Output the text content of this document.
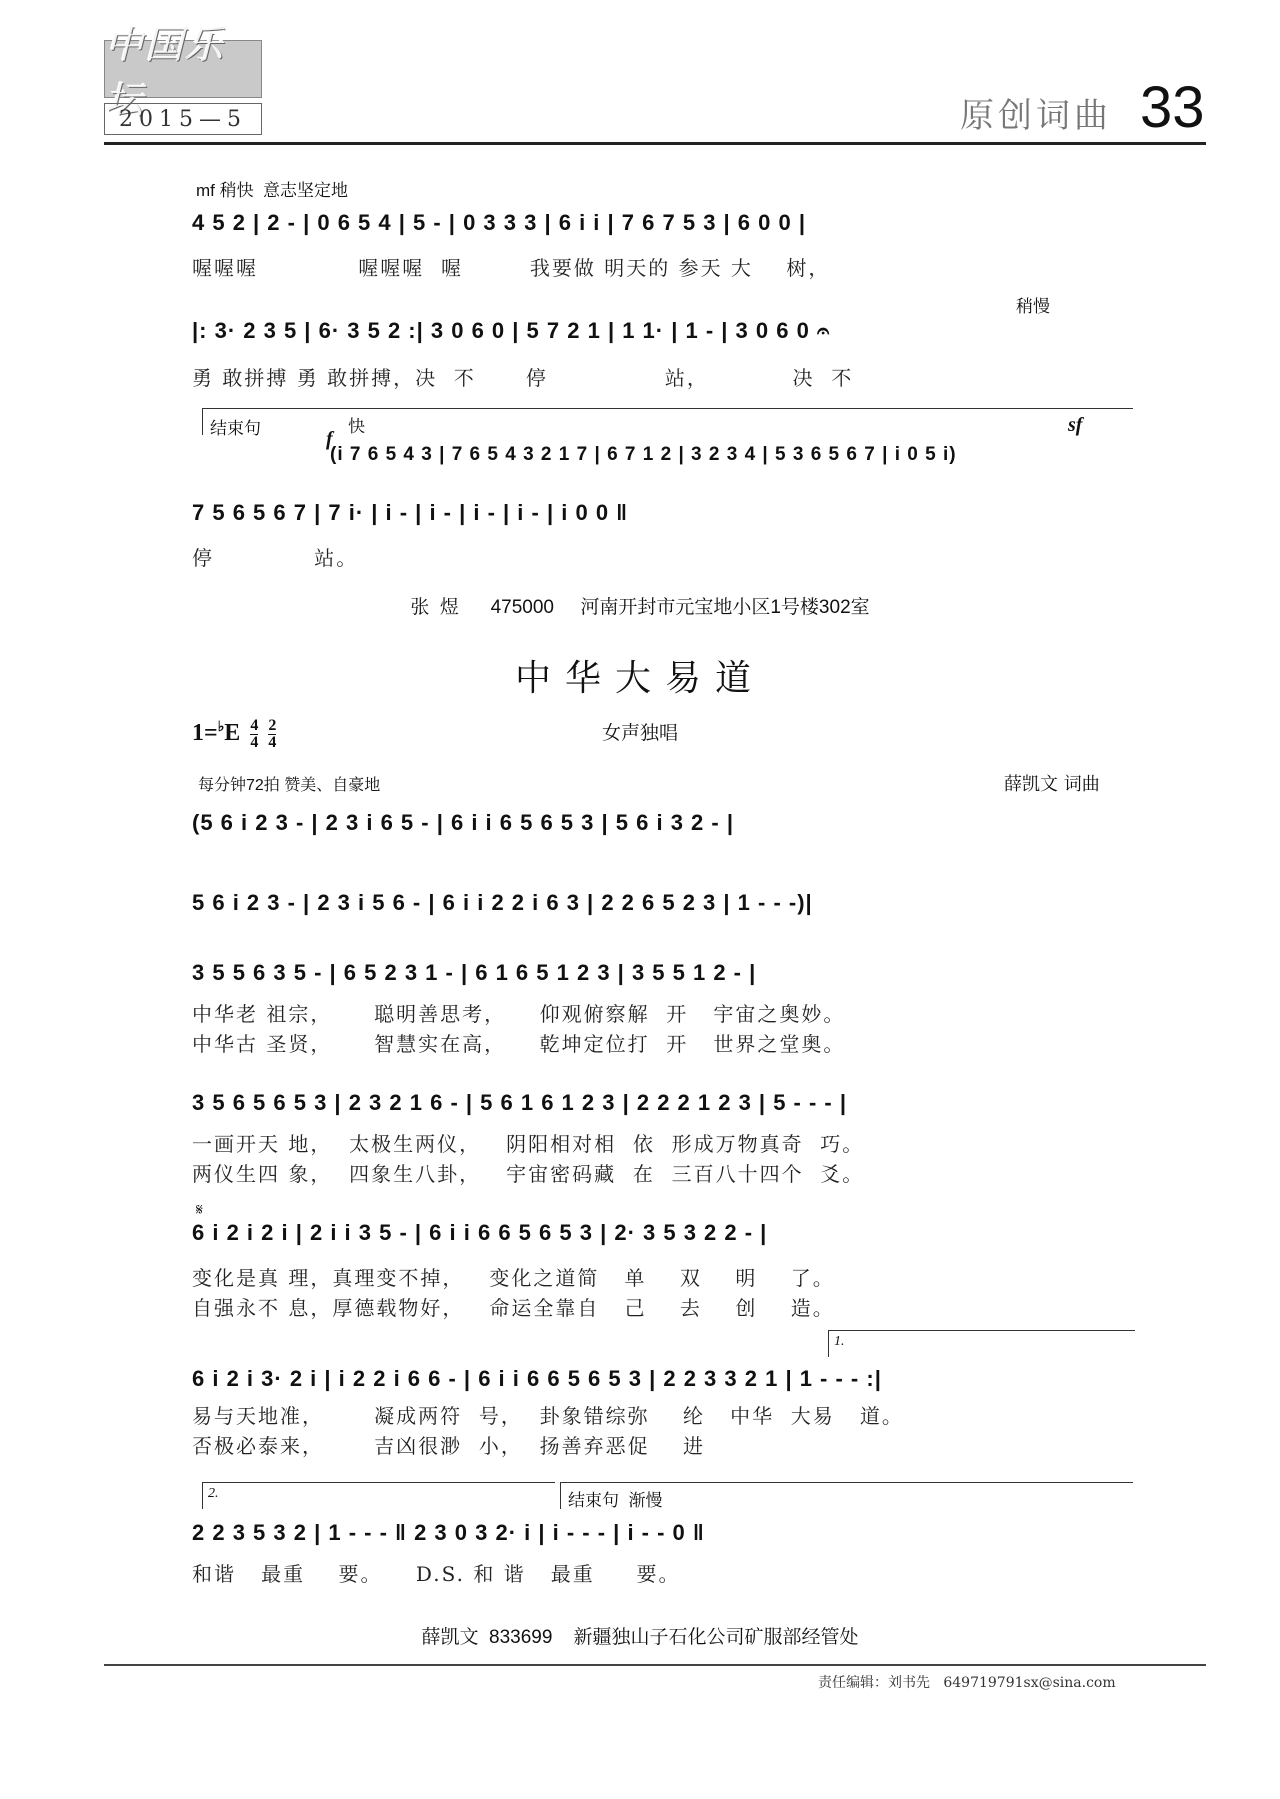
中国乐坛
2015—5	原创词曲 33
mf 稍快  意志坚定地
4 5 2 | 2 - | 0 6 5 4 | 5 - | 0 3 3 3 | 6 i i | 7 6 7 5 3 | 6 0 0 |
喔喔喔            喔喔喔  喔        我要做 明天的 参天 大    树，
稍慢
|: 3· 2 3 5 | 6· 3 5 2 :| 3 0 6 0 | 5 7 2 1 | 1 1· | 1 - | 3 0 6 0 𝄐
勇 敢拼搏 勇 敢拼搏，决  不      停              站，          决  不
结束句	快
f
sf
(i 7 6 5 4 3 | 7 6 5 4 3 2 1 7 | 6 7 1 2 | 3 2 3 4 | 5 3 6 5 6 7 | i 0 5 i)
7 5 6 5 6 7 | 7 i· | i - | i - | i - | i - | i 0 0 ‖
停            站。
张  煜      475000     河南开封市元宝地小区1号楼302室
中华大易道
$1=^♭E \frac{4}{4}$
$\frac{2}{4}$	女声独唱
每分钟72拍 赞美、自豪地	薛凯文 词曲
(5 6 i 2 3 - | 2 3 i 6 5 - | 6 i i 6 5 6 5 3 | 5 6 i 3 2 - |
5 6 i 2 3 - | 2 3 i 5 6 - | 6 i i 2 2 i 6 3 | 2 2 6 5 2 3 | 1 - - -)|
3 5 5 6 3 5 - | 6 5 2 3 1 - | 6 1 6 5 1 2 3 | 3 5 5 1 2 - |
中华老 祖宗，     聪明善思考，    仰观俯察解  开   宇宙之奥妙。
中华古 圣贤，     智慧实在高，    乾坤定位打  开   世界之堂奥。
3 5 6 5 6 5 3 | 2 3 2 1 6 - | 5 6 1 6 1 2 3 | 2 2 2 1 2 3 | 5 - - - |
一画开天 地，  太极生两仪，   阴阳相对相  依  形成万物真奇  巧。
两仪生四 象，  四象生八卦，   宇宙密码藏  在  三百八十四个  爻。
𝄋
6 i 2 i 2 i | 2 i i 3 5 - | 6 i i 6 6 5 6 5 3 | 2· 3 5 3 2 2 - |
变化是真 理，真理变不掉，   变化之道简   单    双    明    了。
自强永不 息，厚德载物好，   命运全靠自   己    去    创    造。
1.
6 i 2 i 3· 2 i | i 2 2 i 6 6 - | 6 i i 6 6 5 6 5 3 | 2 2 3 3 2 1 | 1 - - - :|
易与天地准，      凝成两符  号，  卦象错综弥    纶   中华  大易   道。
否极必泰来，      吉凶很渺  小，  扬善弃恶促    进
2.	结束句  渐慢
2 2 3 5 3 2 | 1 - - - ‖ 2 3 0 3 2· i | i - - - | i - - 0 ‖
和谐   最重    要。    D.S. 和 谐   最重     要。
薛凯文  833699    新疆独山子石化公司矿服部经管处
责任编辑：刘书先   649719791sx@sina.com
